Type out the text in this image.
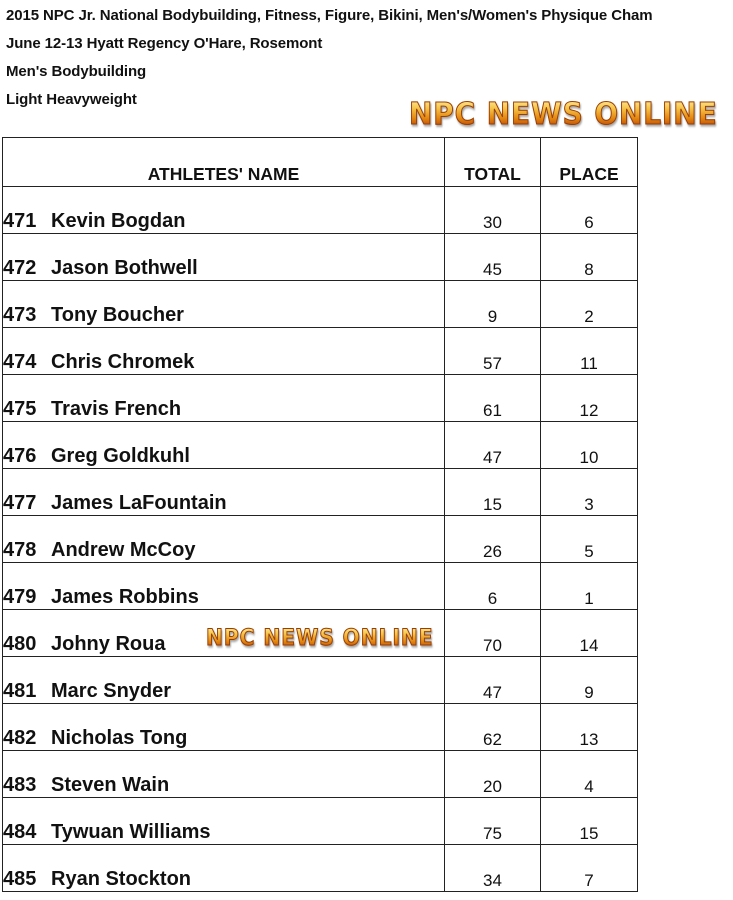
2015 NPC Jr. National Bodybuilding, Fitness, Figure, Bikini, Men's/Women's Physique Cham
June 12-13 Hyatt Regency O'Hare, Rosemont
Men's Bodybuilding
Light Heavyweight	NPC NEWS ONLINE
ATHLETES' NAME	TOTAL	PLACE
471 Kevin Bogdan	30	6
472 Jason Bothwell	45	8
473 Tony Boucher	9	2
474 Chris Chromek	57	11
475 Travis French	61	12
476 Greg Goldkuhl	47	10
477 James LaFountain	15	3
478 Andrew McCoy	26	5
479 James Robbins	6	1
480 Johny Roua	70	14
481 Marc Snyder	47	9
482 Nicholas Tong	62	13
483 Steven Wain	20	4
484 Tywuan Williams	75	15
485 Ryan Stockton	34	7
NPC NEWS ONLINE
